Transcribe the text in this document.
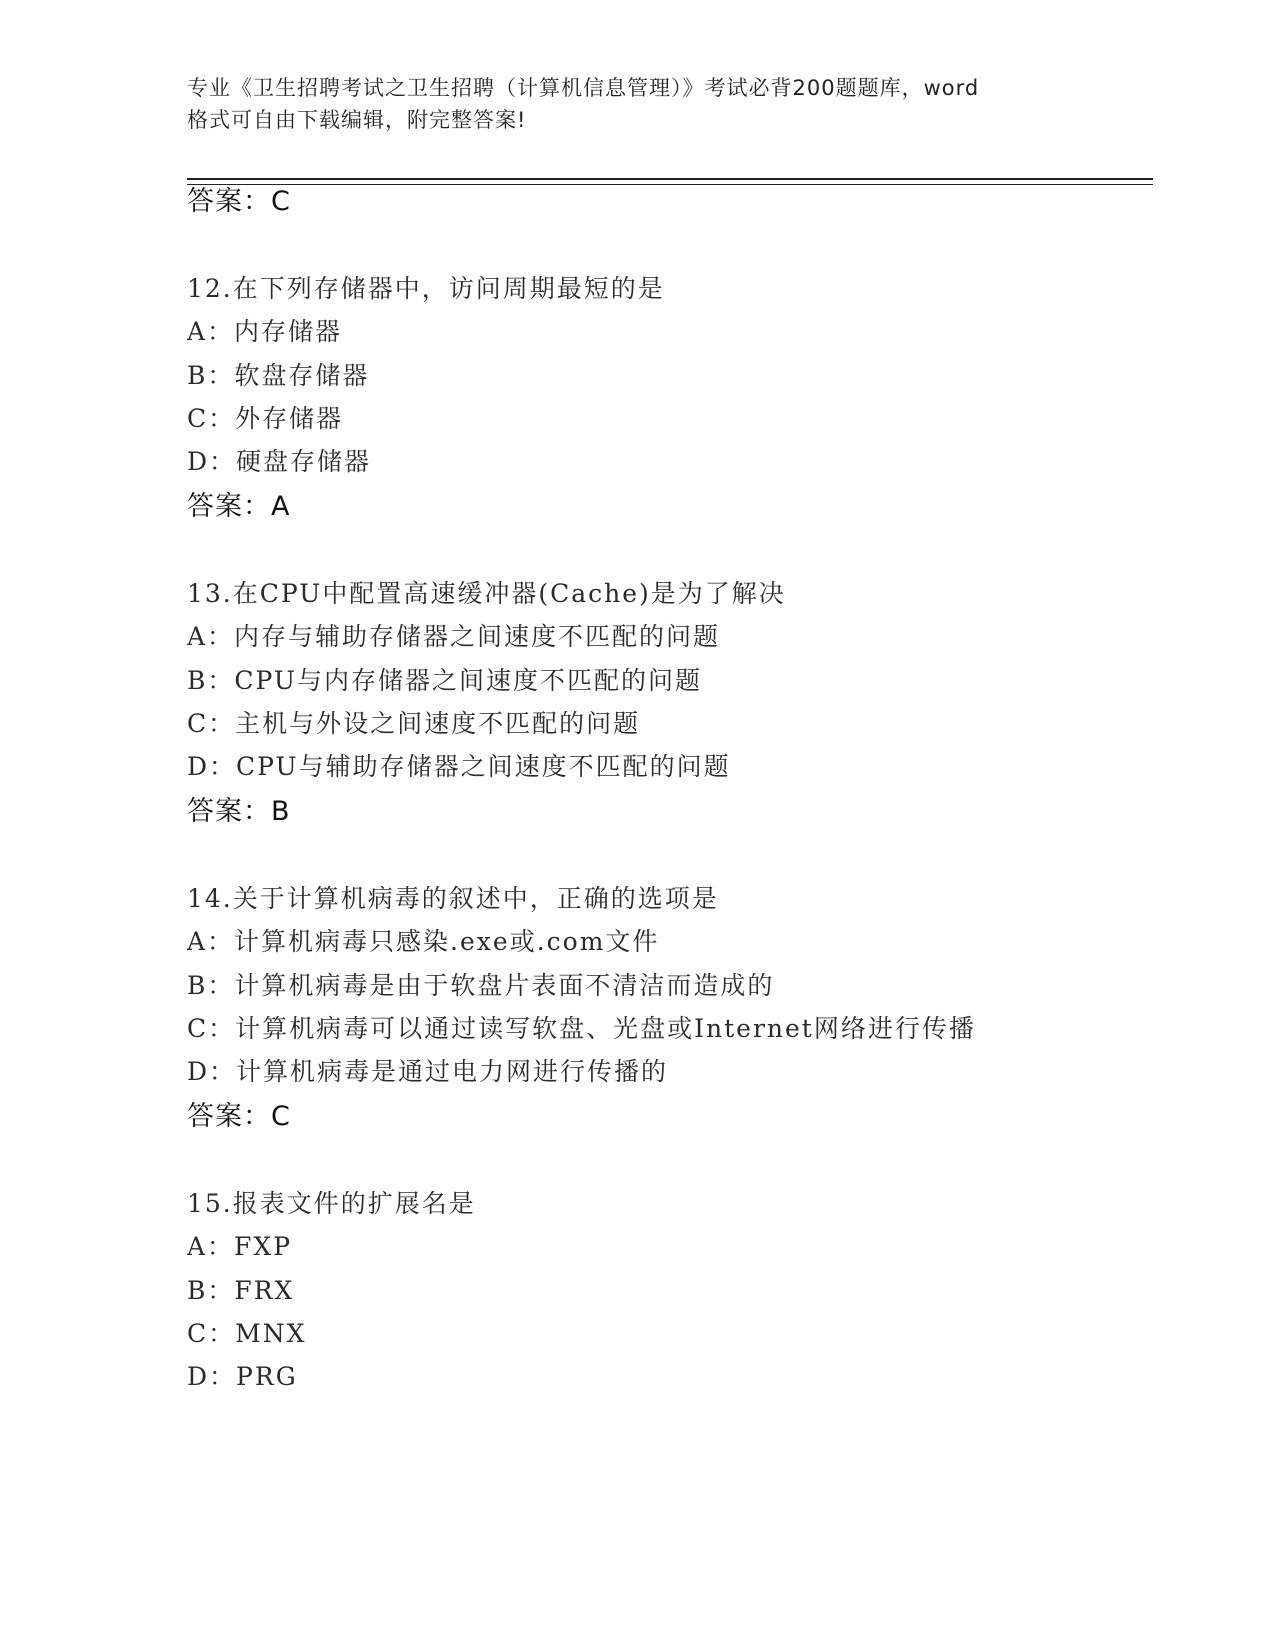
专业《卫生招聘考试之卫生招聘（计算机信息管理）》考试必背200题题库，word
格式可自由下载编辑，附完整答案!
答案：C
12.在下列存储器中，访问周期最短的是
A：内存储器
B：软盘存储器
C：外存储器
D：硬盘存储器
答案：A
13.在CPU中配置高速缓冲器(Cache)是为了解决
A：内存与辅助存储器之间速度不匹配的问题
B：CPU与内存储器之间速度不匹配的问题
C：主机与外设之间速度不匹配的问题
D：CPU与辅助存储器之间速度不匹配的问题
答案：B
14.关于计算机病毒的叙述中，正确的选项是
A：计算机病毒只感染.exe或.com文件
B：计算机病毒是由于软盘片表面不清洁而造成的
C：计算机病毒可以通过读写软盘、光盘或Internet网络进行传播
D：计算机病毒是通过电力网进行传播的
答案：C
15.报表文件的扩展名是
A：FXP
B：FRX
C：MNX
D：PRG
